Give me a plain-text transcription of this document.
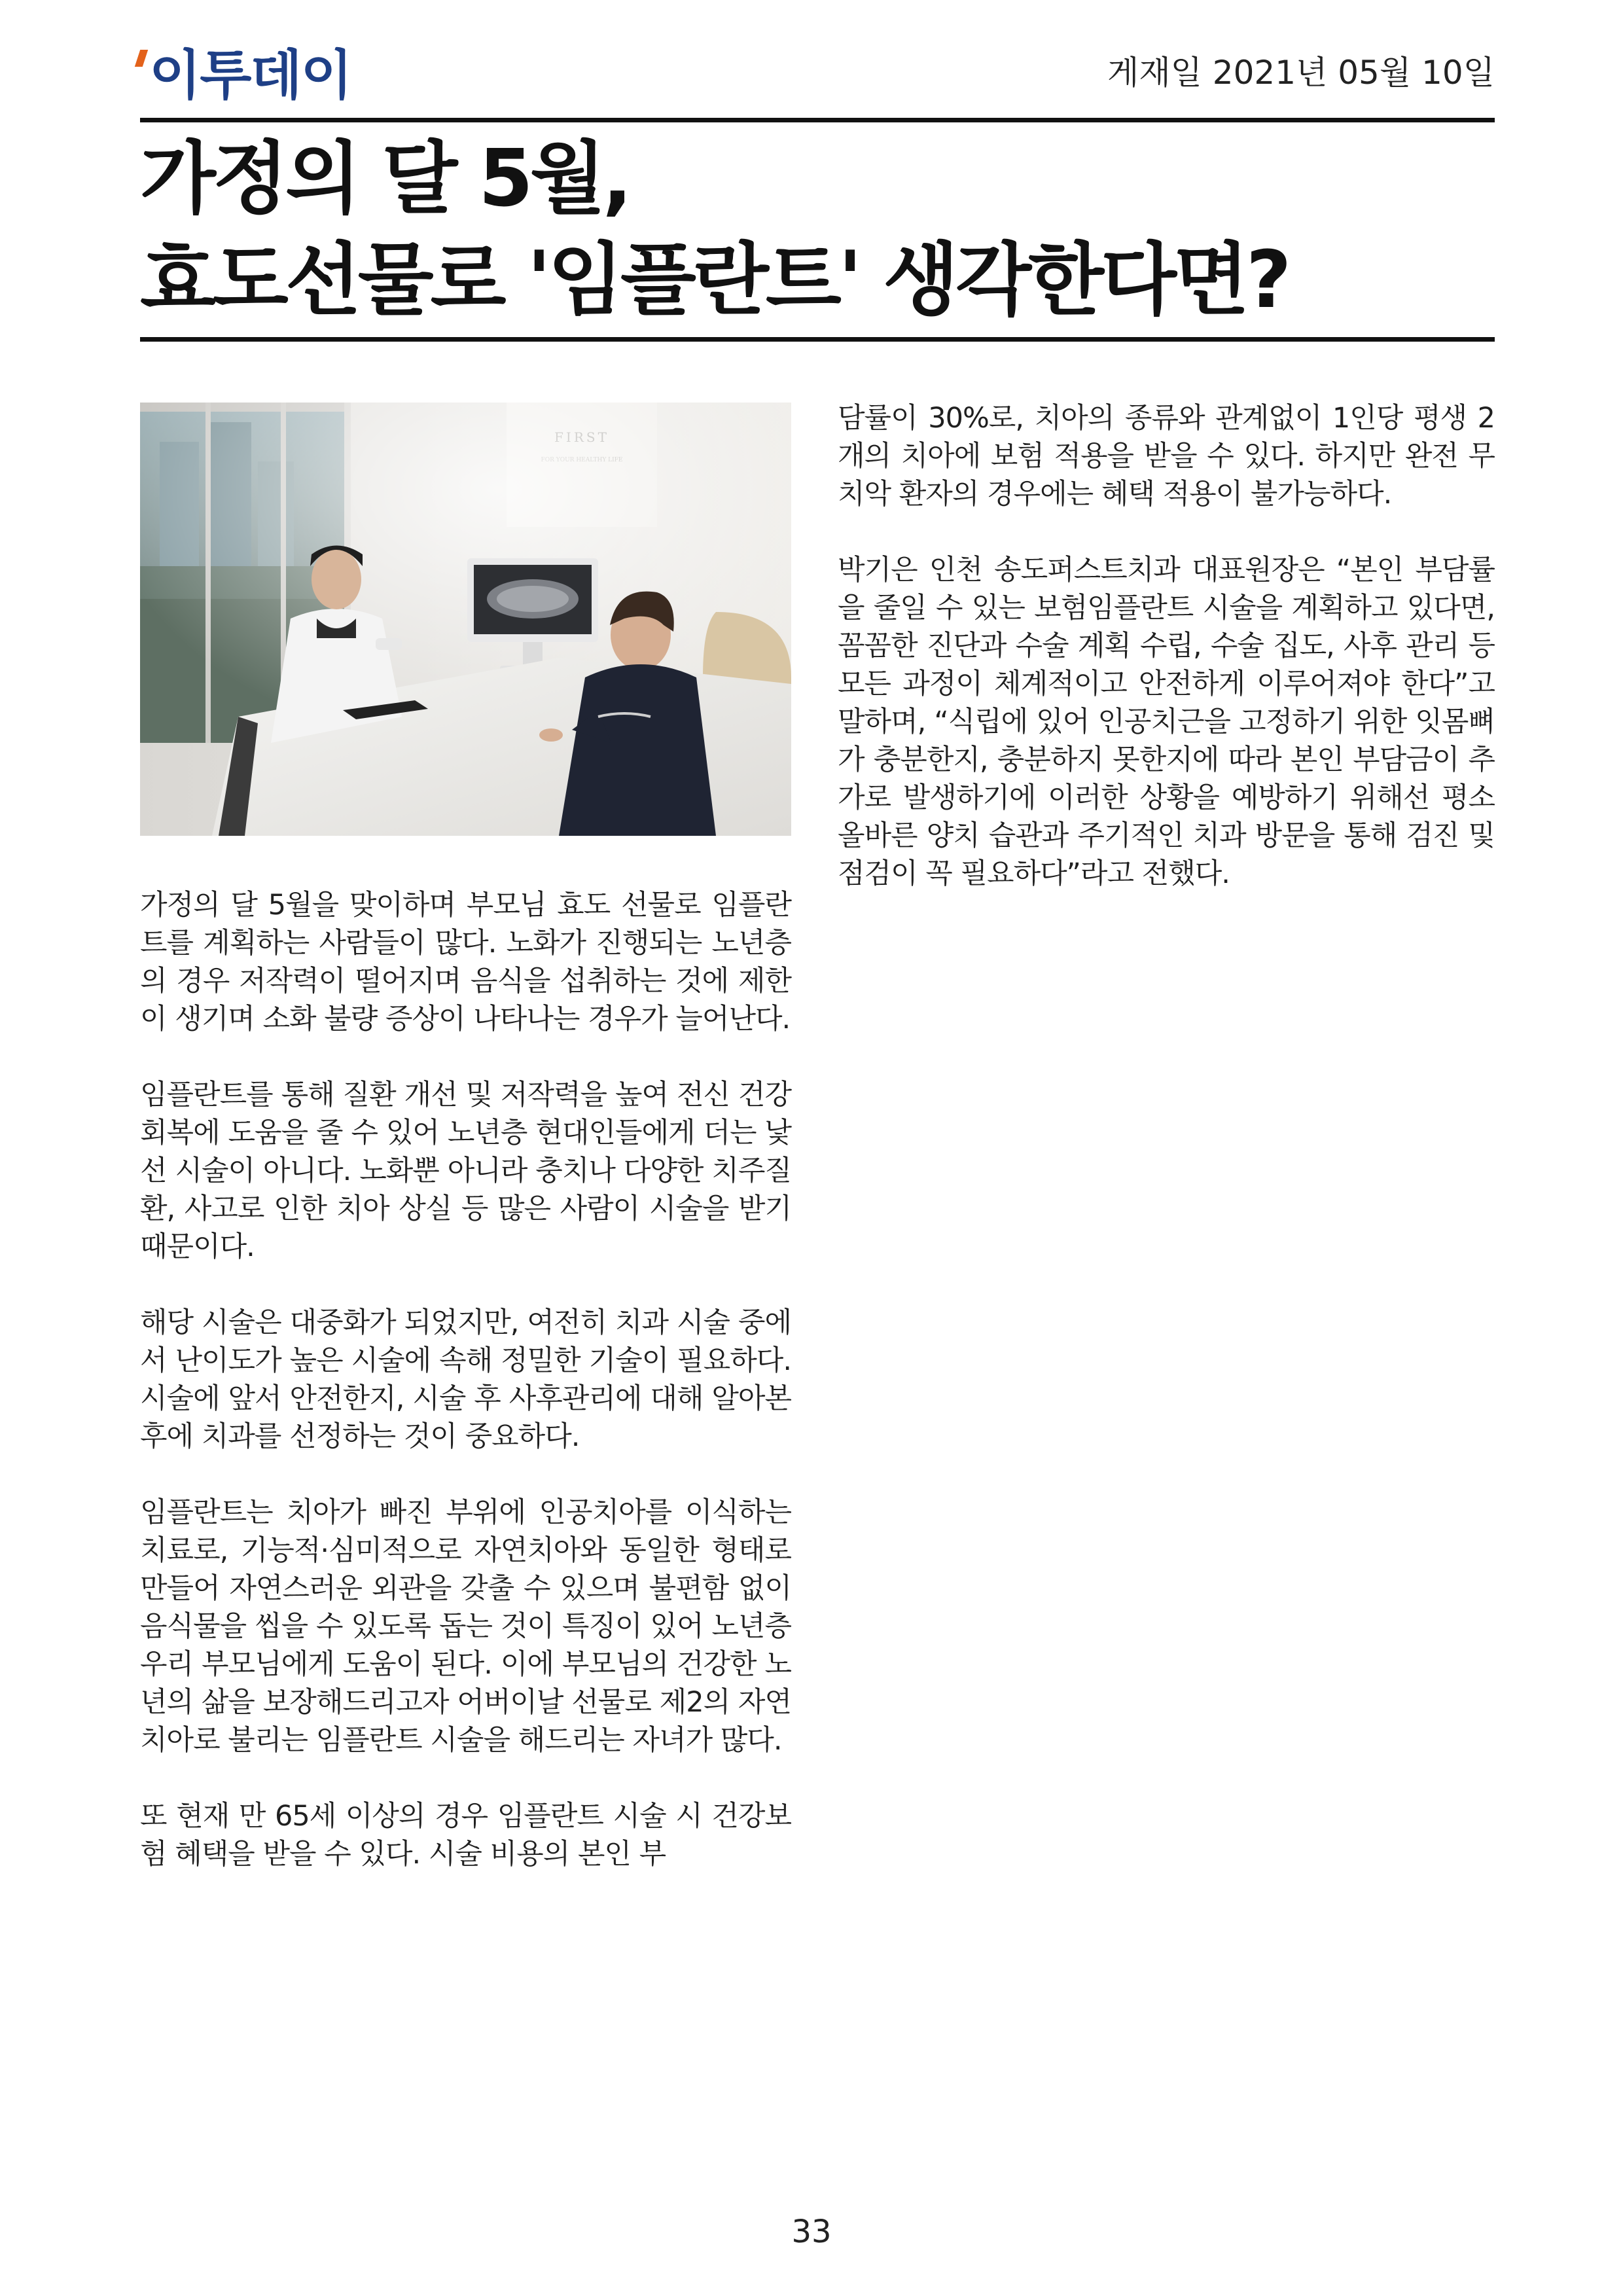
이투데이	게재일 2021년 05월 10일
가정의 달 5월,
효도선물로 '임플란트' 생각한다면?

가정의 달 5월을 맞이하며 부모님 효도 선물로 임플란트를 계획하는 사람들이 많다. 노화가 진행되는 노년층의 경우 저작력이 떨어지며 음식을 섭취하는 것에 제한이 생기며 소화 불량 증상이 나타나는 경우가 늘어난다.

임플란트를 통해 질환 개선 및 저작력을 높여 전신 건강 회복에 도움을 줄 수 있어 노년층 현대인들에게 더는 낯선 시술이 아니다. 노화뿐 아니라 충치나 다양한 치주질환, 사고로 인한 치아 상실 등 많은 사람이 시술을 받기 때문이다.

해당 시술은 대중화가 되었지만, 여전히 치과 시술 중에서 난이도가 높은 시술에 속해 정밀한 기술이 필요하다. 시술에 앞서 안전한지, 시술 후 사후관리에 대해 알아본 후에 치과를 선정하는 것이 중요하다.

임플란트는 치아가 빠진 부위에 인공치아를 이식하는 치료로, 기능적·심미적으로 자연치아와 동일한 형태로 만들어 자연스러운 외관을 갖출 수 있으며 불편함 없이 음식물을 씹을 수 있도록 돕는 것이 특징이 있어 노년층 우리 부모님에게 도움이 된다. 이에 부모님의 건강한 노년의 삶을 보장해드리고자 어버이날 선물로 제2의 자연치아로 불리는 임플란트 시술을 해드리는 자녀가 많다.

또 현재 만 65세 이상의 경우 임플란트 시술 시 건강보험 혜택을 받을 수 있다. 시술 비용의 본인 부

담률이 30%로, 치아의 종류와 관계없이 1인당 평생 2개의 치아에 보험 적용을 받을 수 있다. 하지만 완전 무치악 환자의 경우에는 혜택 적용이 불가능하다.

박기은 인천 송도퍼스트치과 대표원장은 “본인 부담률을 줄일 수 있는 보험임플란트 시술을 계획하고 있다면, 꼼꼼한 진단과 수술 계획 수립, 수술 집도, 사후 관리 등 모든 과정이 체계적이고 안전하게 이루어져야 한다”고 말하며, “식립에 있어 인공치근을 고정하기 위한 잇몸뼈가 충분한지, 충분하지 못한지에 따라 본인 부담금이 추가로 발생하기에 이러한 상황을 예방하기 위해선 평소 올바른 양치 습관과 주기적인 치과 방문을 통해 검진 및 점검이 꼭 필요하다”라고 전했다.

33
